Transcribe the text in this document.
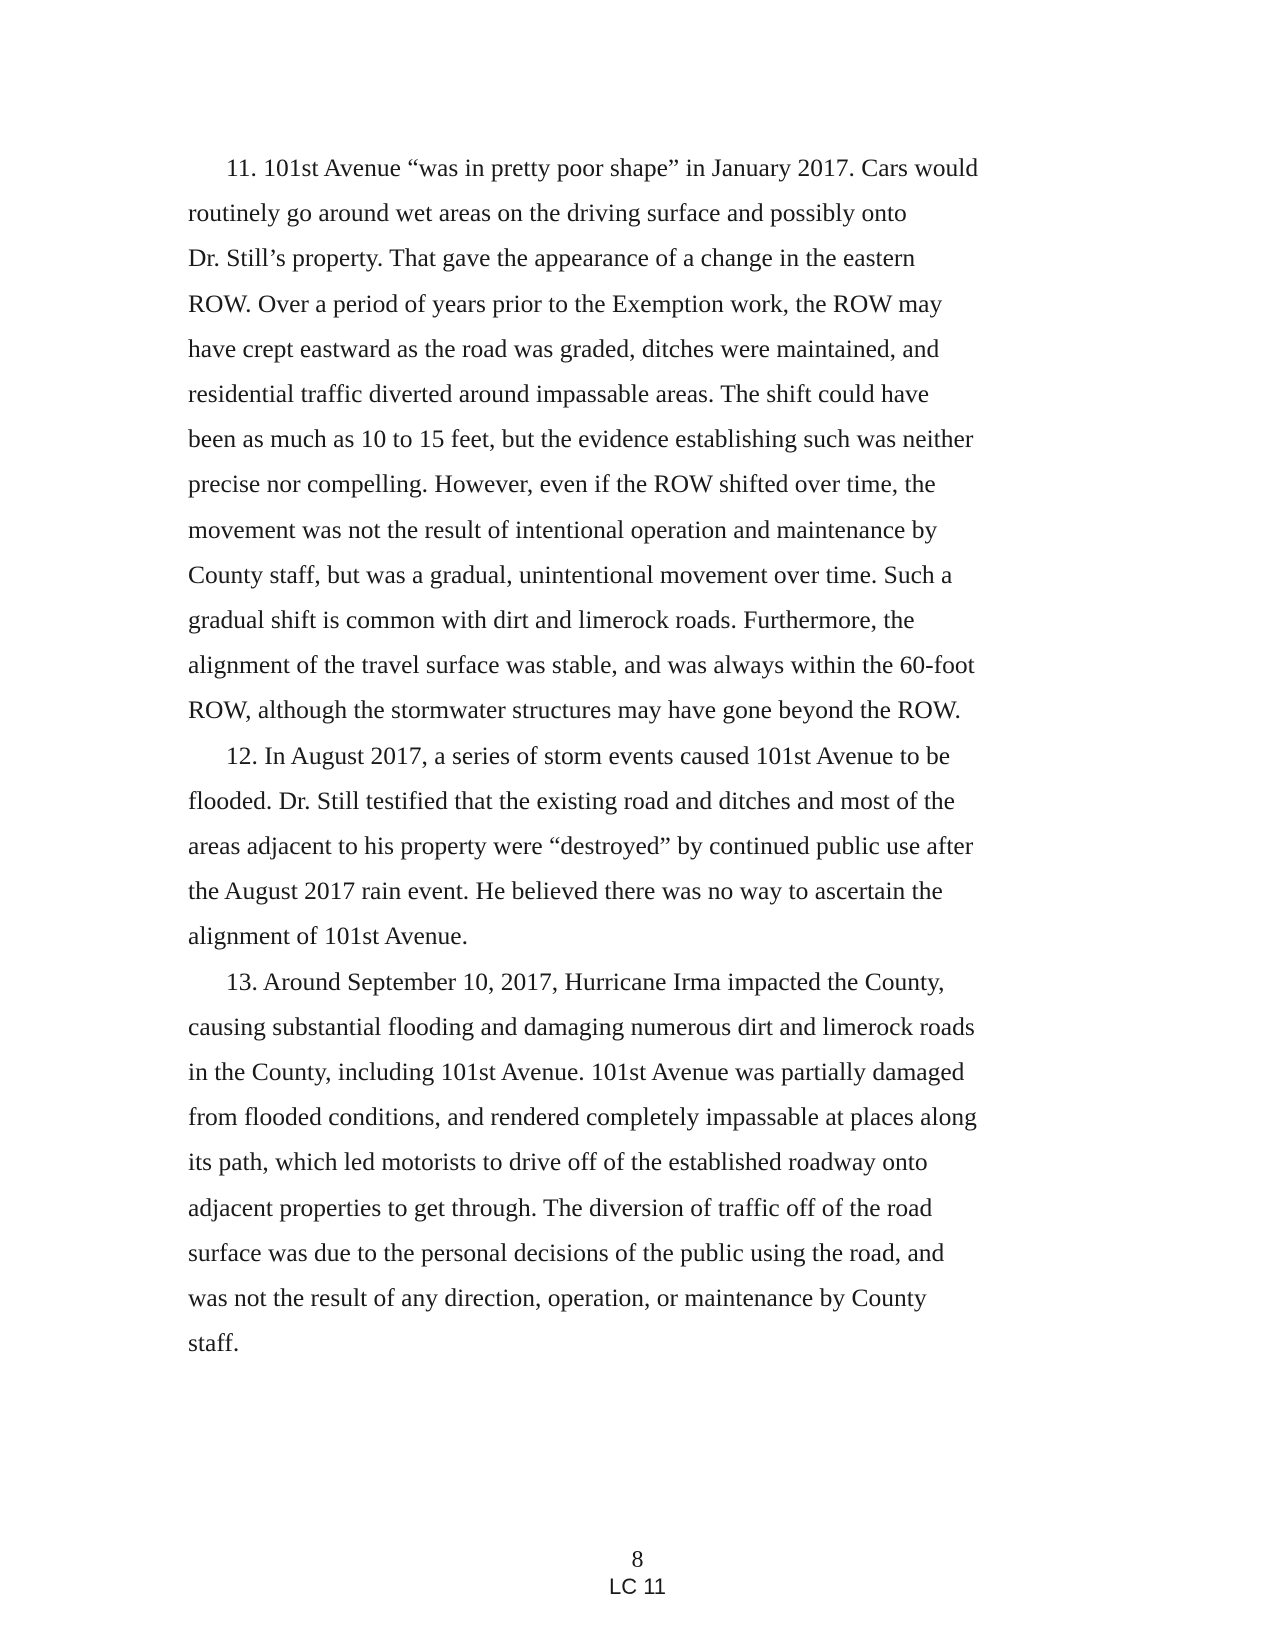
11. 101st Avenue “was in pretty poor shape” in January 2017. Cars would
routinely go around wet areas on the driving surface and possibly onto
Dr. Still’s property. That gave the appearance of a change in the eastern
ROW. Over a period of years prior to the Exemption work, the ROW may
have crept eastward as the road was graded, ditches were maintained, and
residential traffic diverted around impassable areas. The shift could have
been as much as 10 to 15 feet, but the evidence establishing such was neither
precise nor compelling. However, even if the ROW shifted over time, the
movement was not the result of intentional operation and maintenance by
County staff, but was a gradual, unintentional movement over time. Such a
gradual shift is common with dirt and limerock roads. Furthermore, the
alignment of the travel surface was stable, and was always within the 60-foot
ROW, although the stormwater structures may have gone beyond the ROW.
12. In August 2017, a series of storm events caused 101st Avenue to be
flooded. Dr. Still testified that the existing road and ditches and most of the
areas adjacent to his property were “destroyed” by continued public use after
the August 2017 rain event. He believed there was no way to ascertain the
alignment of 101st Avenue.
13. Around September 10, 2017, Hurricane Irma impacted the County,
causing substantial flooding and damaging numerous dirt and limerock roads
in the County, including 101st Avenue. 101st Avenue was partially damaged
from flooded conditions, and rendered completely impassable at places along
its path, which led motorists to drive off of the established roadway onto
adjacent properties to get through. The diversion of traffic off of the road
surface was due to the personal decisions of the public using the road, and
was not the result of any direction, operation, or maintenance by County
staff.
8
LC 11
